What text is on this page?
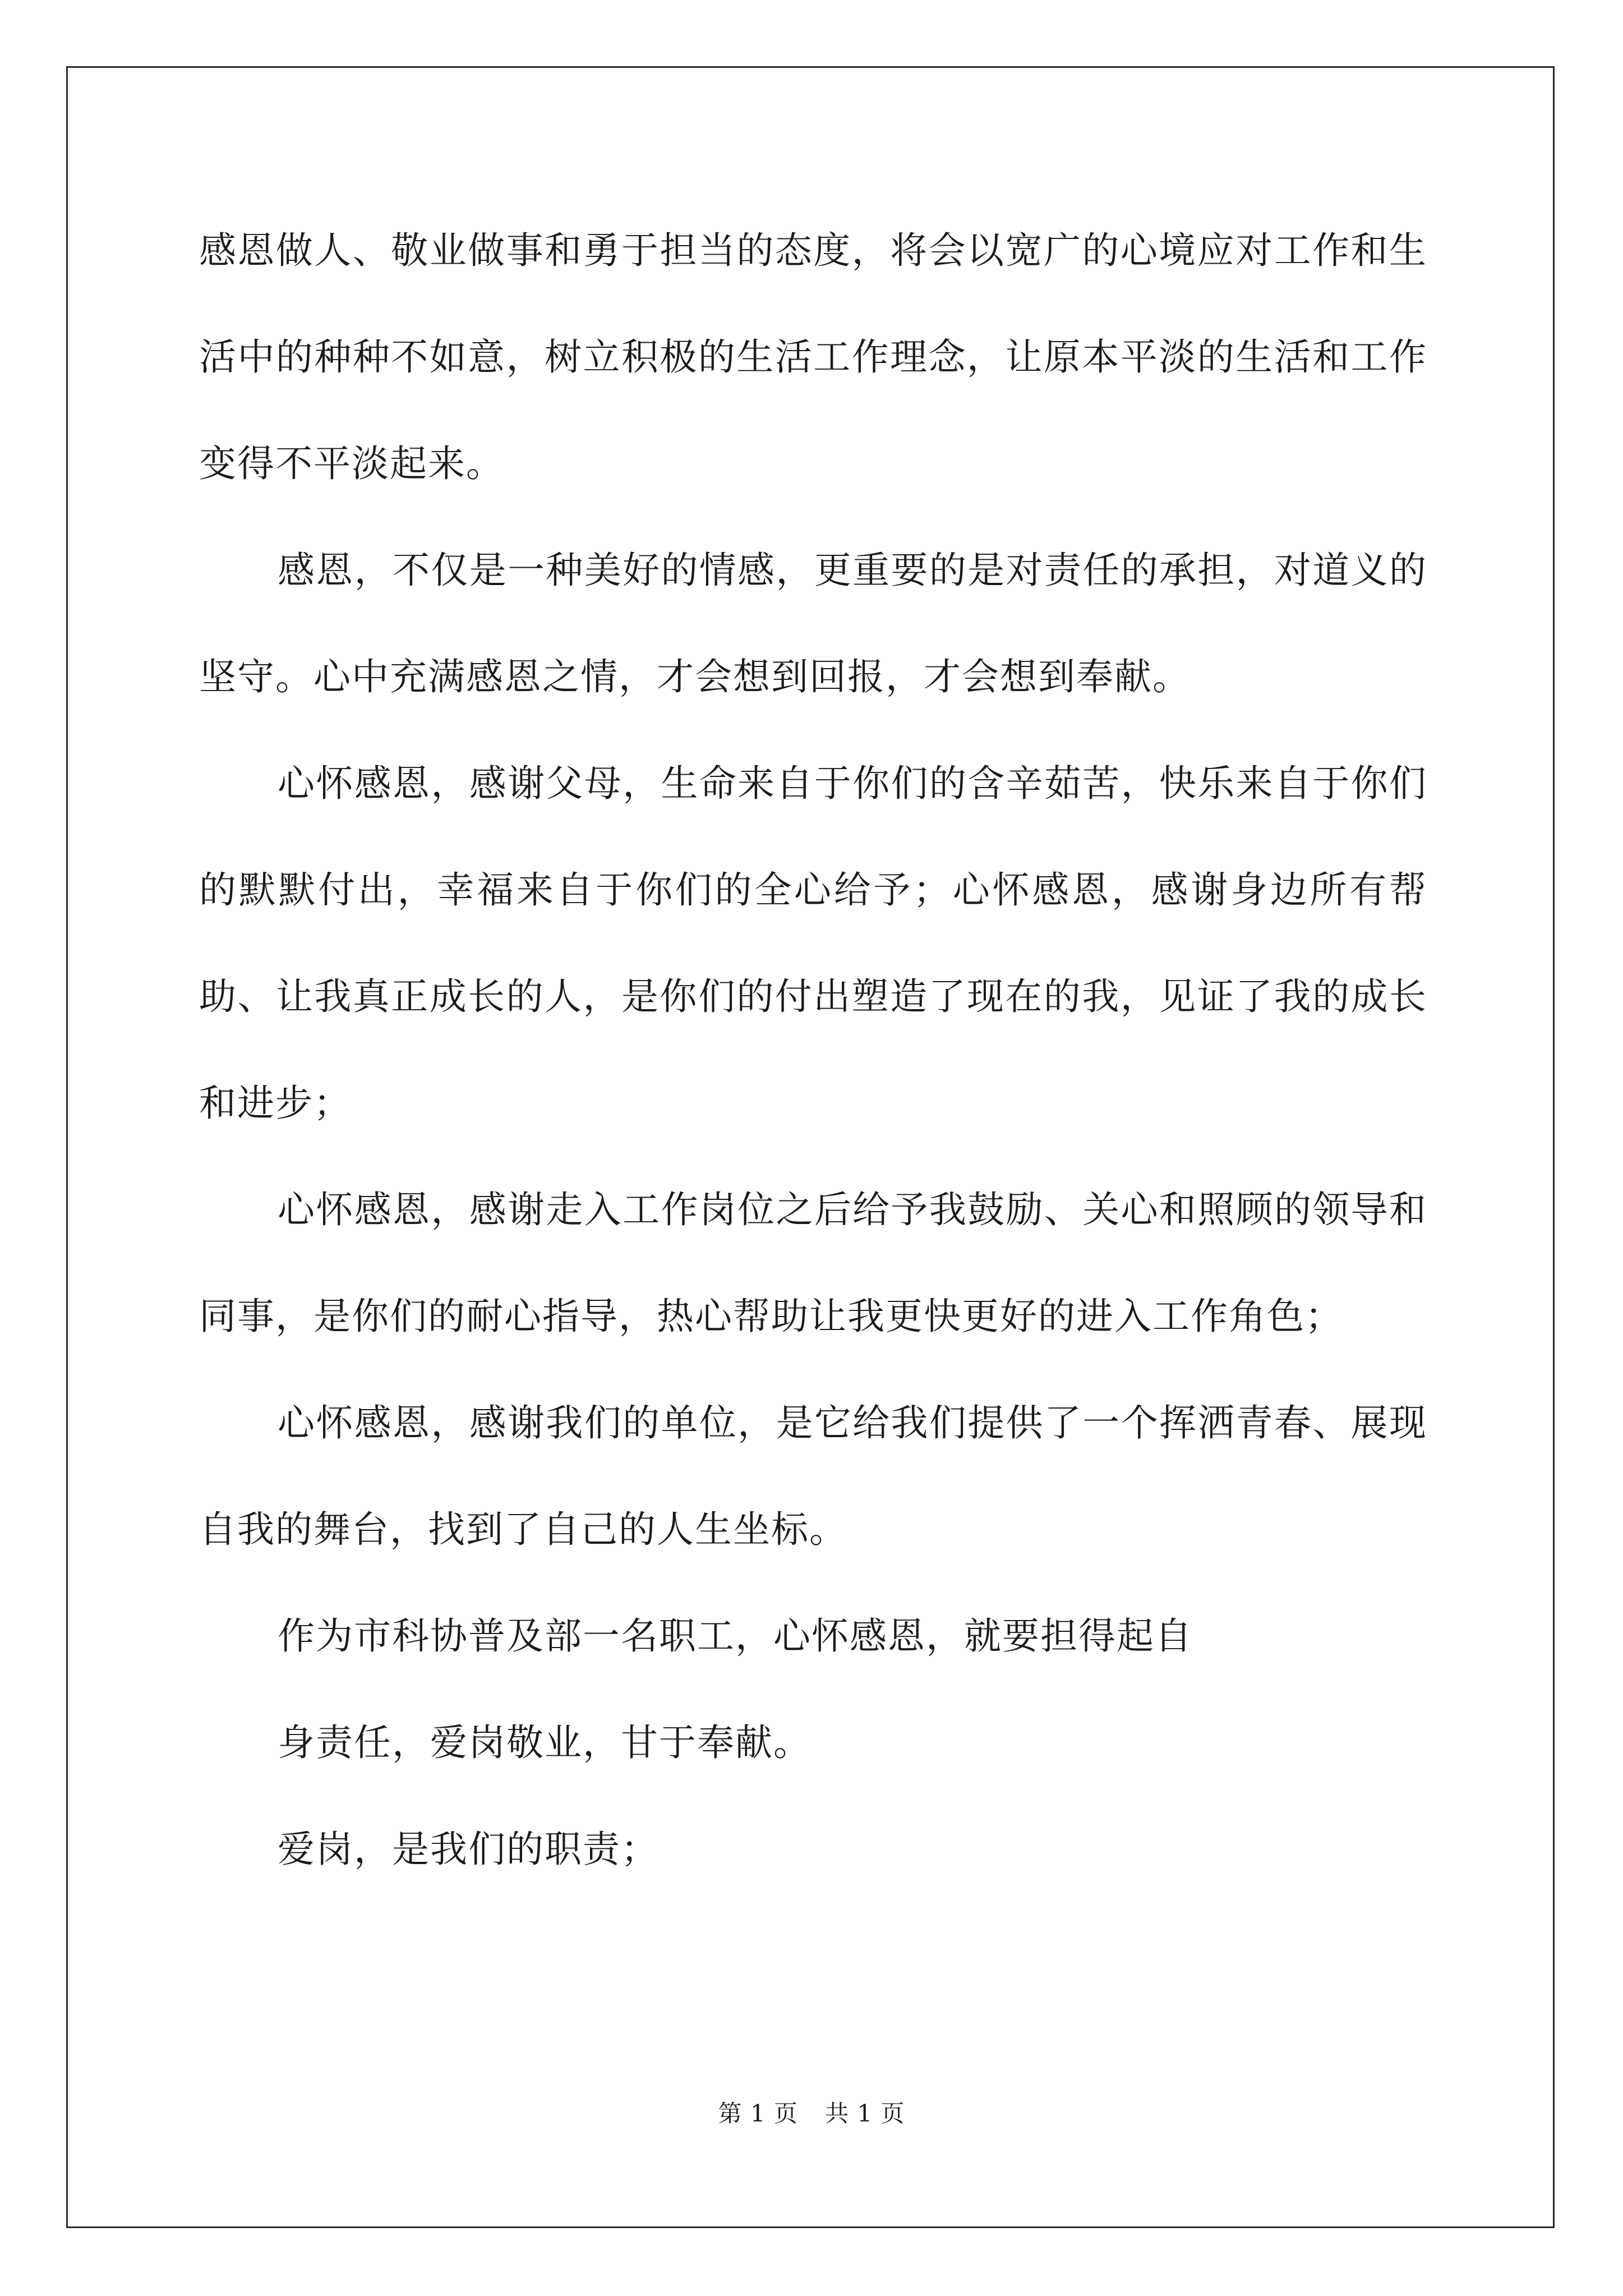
感恩做人、敬业做事和勇于担当的态度，将会以宽广的心境应对工作和生活中的种种不如意，树立积极的生活工作理念，让原本平淡的生活和工作变得不平淡起来。

感恩，不仅是一种美好的情感，更重要的是对责任的承担，对道义的坚守。心中充满感恩之情，才会想到回报，才会想到奉献。

心怀感恩，感谢父母，生命来自于你们的含辛茹苦，快乐来自于你们的默默付出，幸福来自于你们的全心给予；心怀感恩，感谢身边所有帮助、让我真正成长的人，是你们的付出塑造了现在的我，见证了我的成长和进步；

心怀感恩，感谢走入工作岗位之后给予我鼓励、关心和照顾的领导和同事，是你们的耐心指导，热心帮助让我更快更好的进入工作角色；

心怀感恩，感谢我们的单位，是它给我们提供了一个挥洒青春、展现自我的舞台，找到了自己的人生坐标。

作为市科协普及部一名职工，心怀感恩，就要担得起自

身责任，爱岗敬业，甘于奉献。

爱岗，是我们的职责；

第 1 页 共 1 页
